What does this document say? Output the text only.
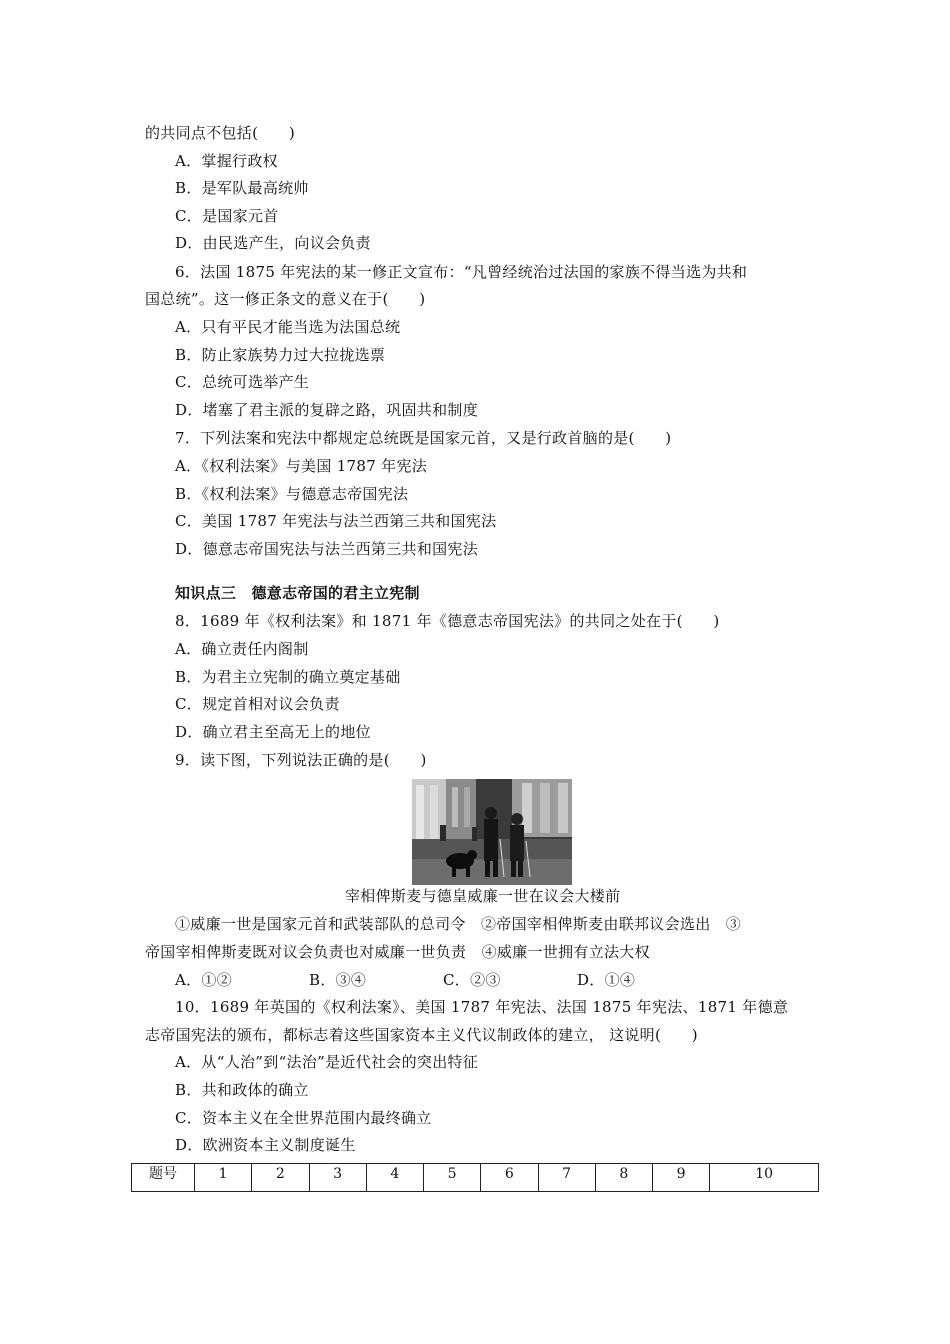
的共同点不包括(　　)
A．掌握行政权
B．是军队最高统帅
C．是国家元首
D．由民选产生，向议会负责
6．法国 1875 年宪法的某一修正文宣布：“凡曾经统治过法国的家族不得当选为共和
国总统”。这一修正条文的意义在于(　　)
A．只有平民才能当选为法国总统
B．防止家族势力过大拉拢选票
C．总统可选举产生
D．堵塞了君主派的复辟之路，巩固共和制度
7．下列法案和宪法中都规定总统既是国家元首，又是行政首脑的是(　　)
A．《权利法案》与美国 1787 年宪法
B．《权利法案》与德意志帝国宪法
C．美国 1787 年宪法与法兰西第三共和国宪法
D．德意志帝国宪法与法兰西第三共和国宪法
知识点三　德意志帝国的君主立宪制
8．1689 年《权利法案》和 1871 年《德意志帝国宪法》的共同之处在于(　　)
A．确立责任内阁制
B．为君主立宪制的确立奠定基础
C．规定首相对议会负责
D．确立君主至高无上的地位
9．读下图，下列说法正确的是(　　)
宰相俾斯麦与德皇威廉一世在议会大楼前
①威廉一世是国家元首和武装部队的总司令　②帝国宰相俾斯麦由联邦议会选出　③
帝国宰相俾斯麦既对议会负责也对威廉一世负责　④威廉一世拥有立法大权
A．①②	B．③④	C．②③	D．①④
10．1689 年英国的《权利法案》、美国 1787 年宪法、法国 1875 年宪法、1871 年德意
志帝国宪法的颁布，都标志着这些国家资本主义代议制政体的建立， 这说明(　　)
A．从“人治”到“法治”是近代社会的突出特征
B．共和政体的确立
C．资本主义在全世界范围内最终确立
D．欧洲资本主义制度诞生
题号	1	2	3	4	5	6	7	8	9	10
